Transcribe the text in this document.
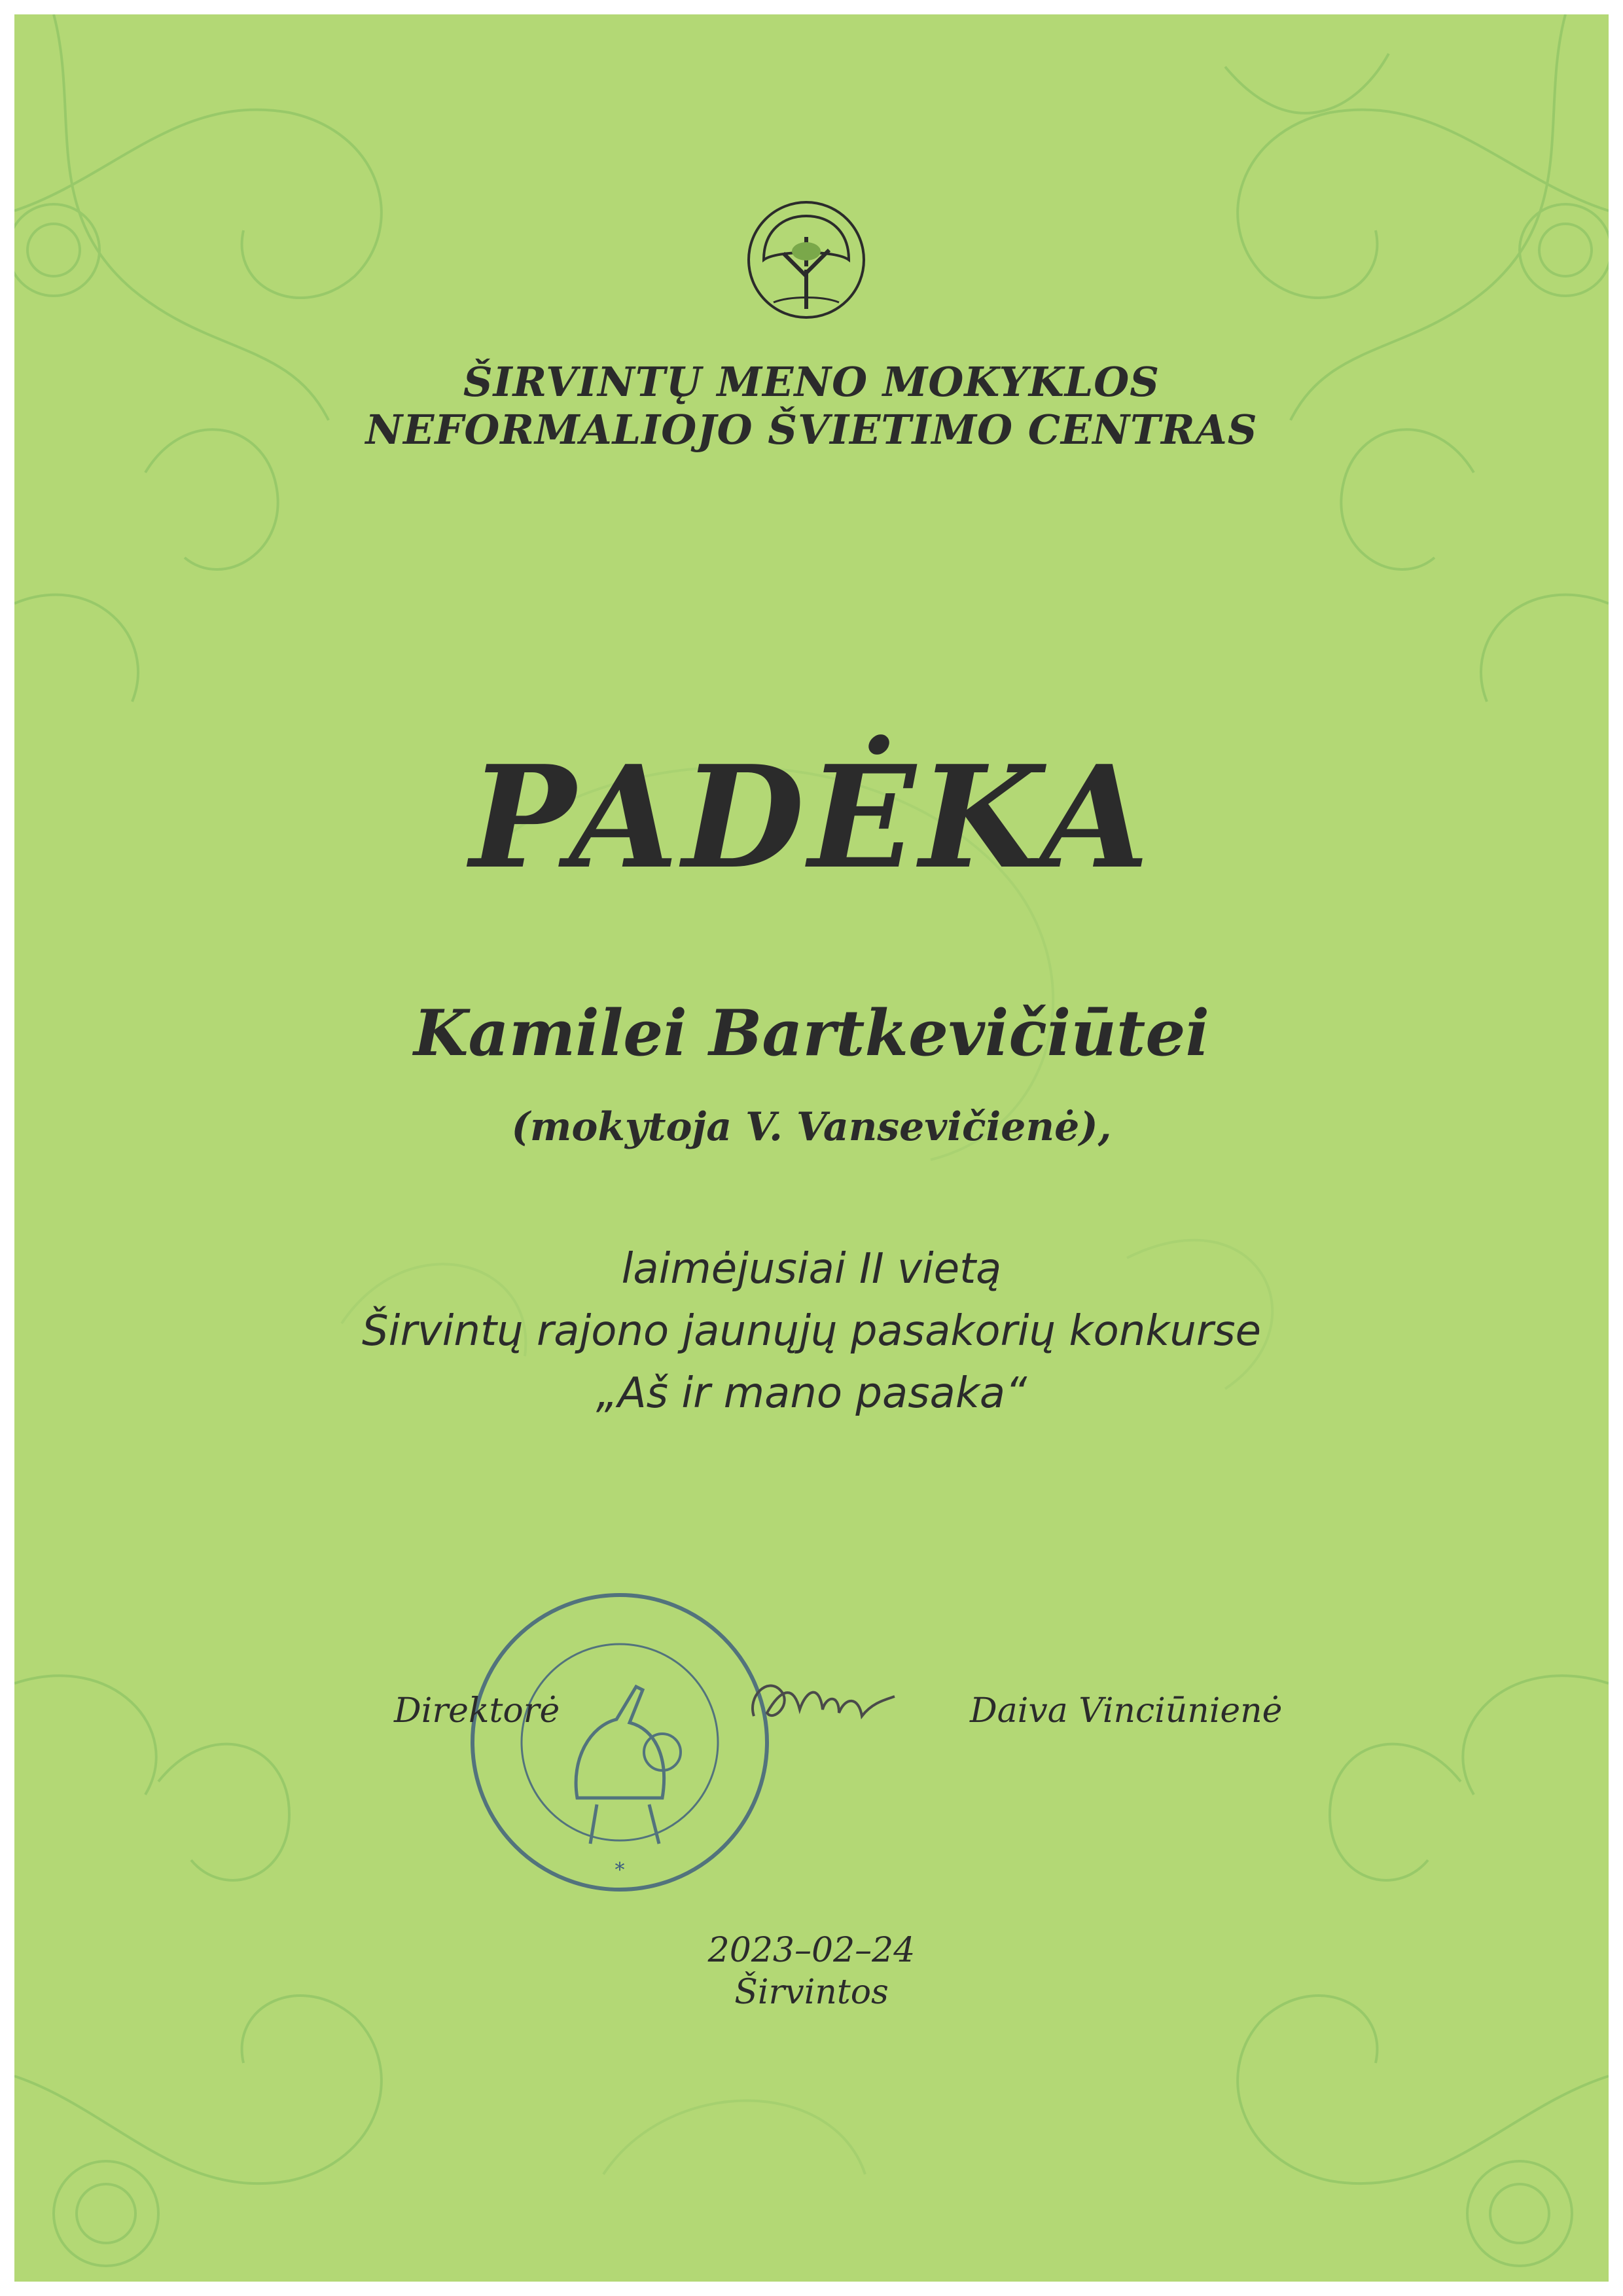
ŠIRVINTŲ MENO MOKYKLOS
NEFORMALIOJO ŠVIETIMO CENTRAS
PADĖKA
Kamilei Bartkevičiūtei
(mokytoja V. Vansevičienė),
laimėjusiai II vietą
Širvintų rajono jaunųjų pasakorių konkurse
„Aš ir mano pasaka“
*
Direktorė	Daiva Vinciūnienė
2023–02–24
Širvintos
